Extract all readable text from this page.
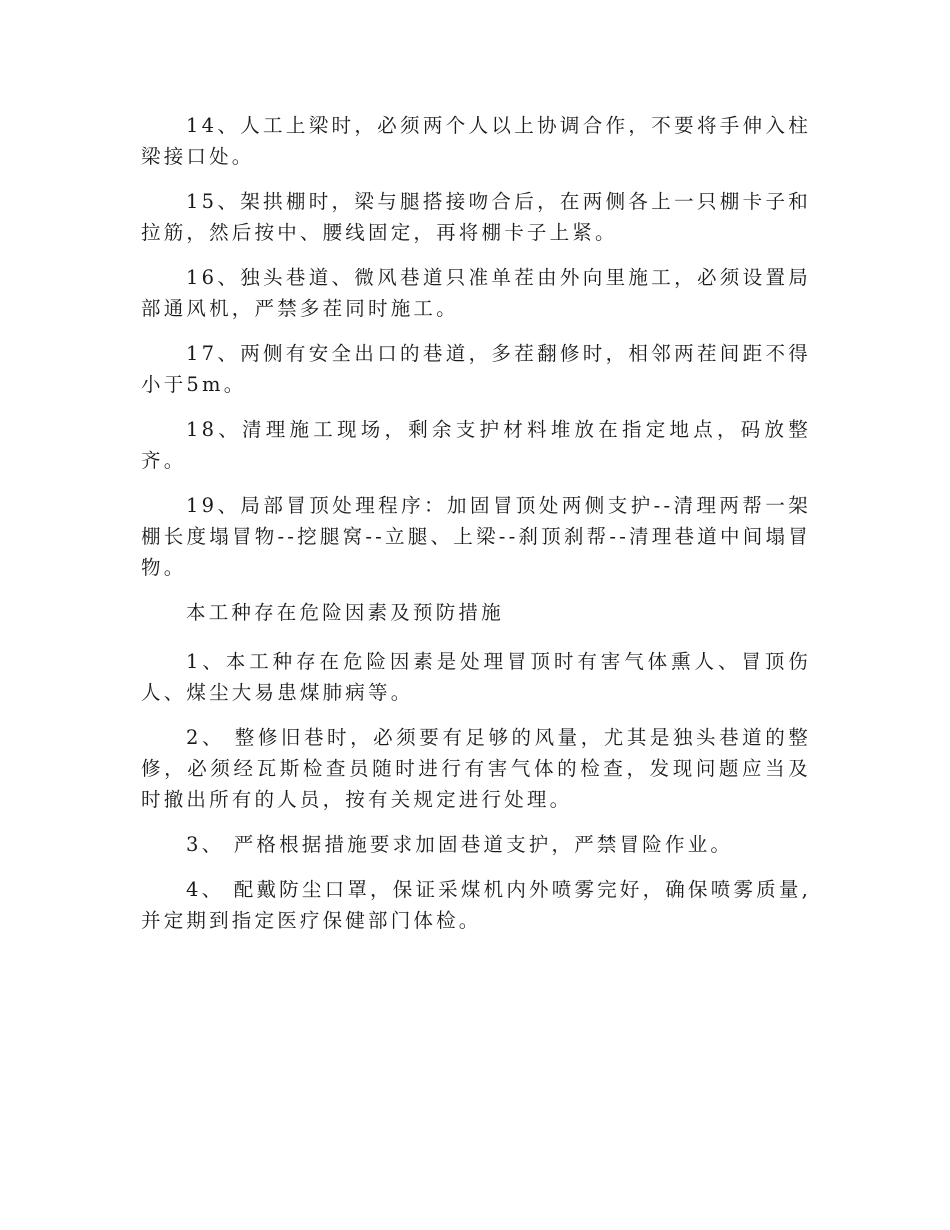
14、人工上梁时，必须两个人以上协调合作，不要将手伸入柱梁接口处。

15、架拱棚时，梁与腿搭接吻合后，在两侧各上一只棚卡子和拉筋，然后按中、腰线固定，再将棚卡子上紧。

16、独头巷道、微风巷道只准单茬由外向里施工，必须设置局部通风机，严禁多茬同时施工。

17、两侧有安全出口的巷道，多茬翻修时，相邻两茬间距不得小于5m。

18、清理施工现场，剩余支护材料堆放在指定地点，码放整齐。

19、局部冒顶处理程序：加固冒顶处两侧支护--清理两帮一架棚长度塌冒物--挖腿窝--立腿、上梁--刹顶刹帮--清理巷道中间塌冒物。

本工种存在危险因素及预防措施

1、本工种存在危险因素是处理冒顶时有害气体熏人、冒顶伤人、煤尘大易患煤肺病等。

2、 整修旧巷时，必须要有足够的风量，尤其是独头巷道的整修，必须经瓦斯检查员随时进行有害气体的检查，发现问题应当及时撤出所有的人员，按有关规定进行处理。

3、 严格根据措施要求加固巷道支护，严禁冒险作业。

4、 配戴防尘口罩，保证采煤机内外喷雾完好，确保喷雾质量,并定期到指定医疗保健部门体检。
